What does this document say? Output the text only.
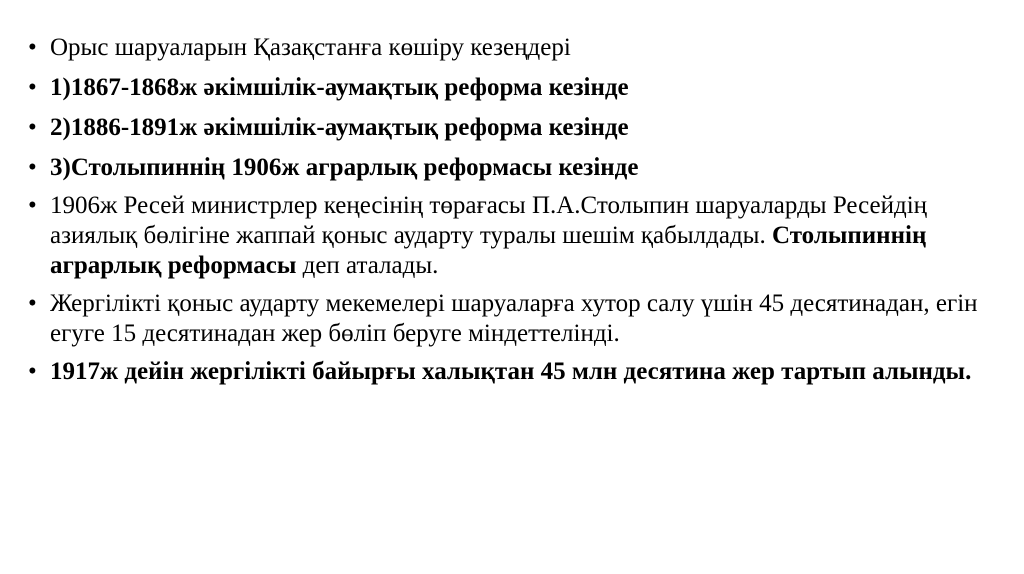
• Орыс шаруаларын Қазақстанға көшіру кезеңдері
• 1)1867-1868ж әкімшілік-аумақтық реформа кезінде
• 2)1886-1891ж әкімшілік-аумақтық реформа кезінде
• 3)Столыпиннің 1906ж аграрлық реформасы кезінде
• 1906ж Ресей министрлер кеңесінің төрағасы П.А.Столыпин шаруаларды Ресейдің азиялық бөлігіне жаппай қоныс аударту туралы шешім қабылдады. Столыпиннің аграрлық реформасы деп аталады.
• Жергілікті қоныс аударту мекемелері шаруаларға хутор салу үшін 45 десятинадан, егін егуге 15 десятинадан жер бөліп беруге міндеттелінді.
• 1917ж дейін жергілікті байырғы халықтан 45 млн десятина жер тартып алынды.
